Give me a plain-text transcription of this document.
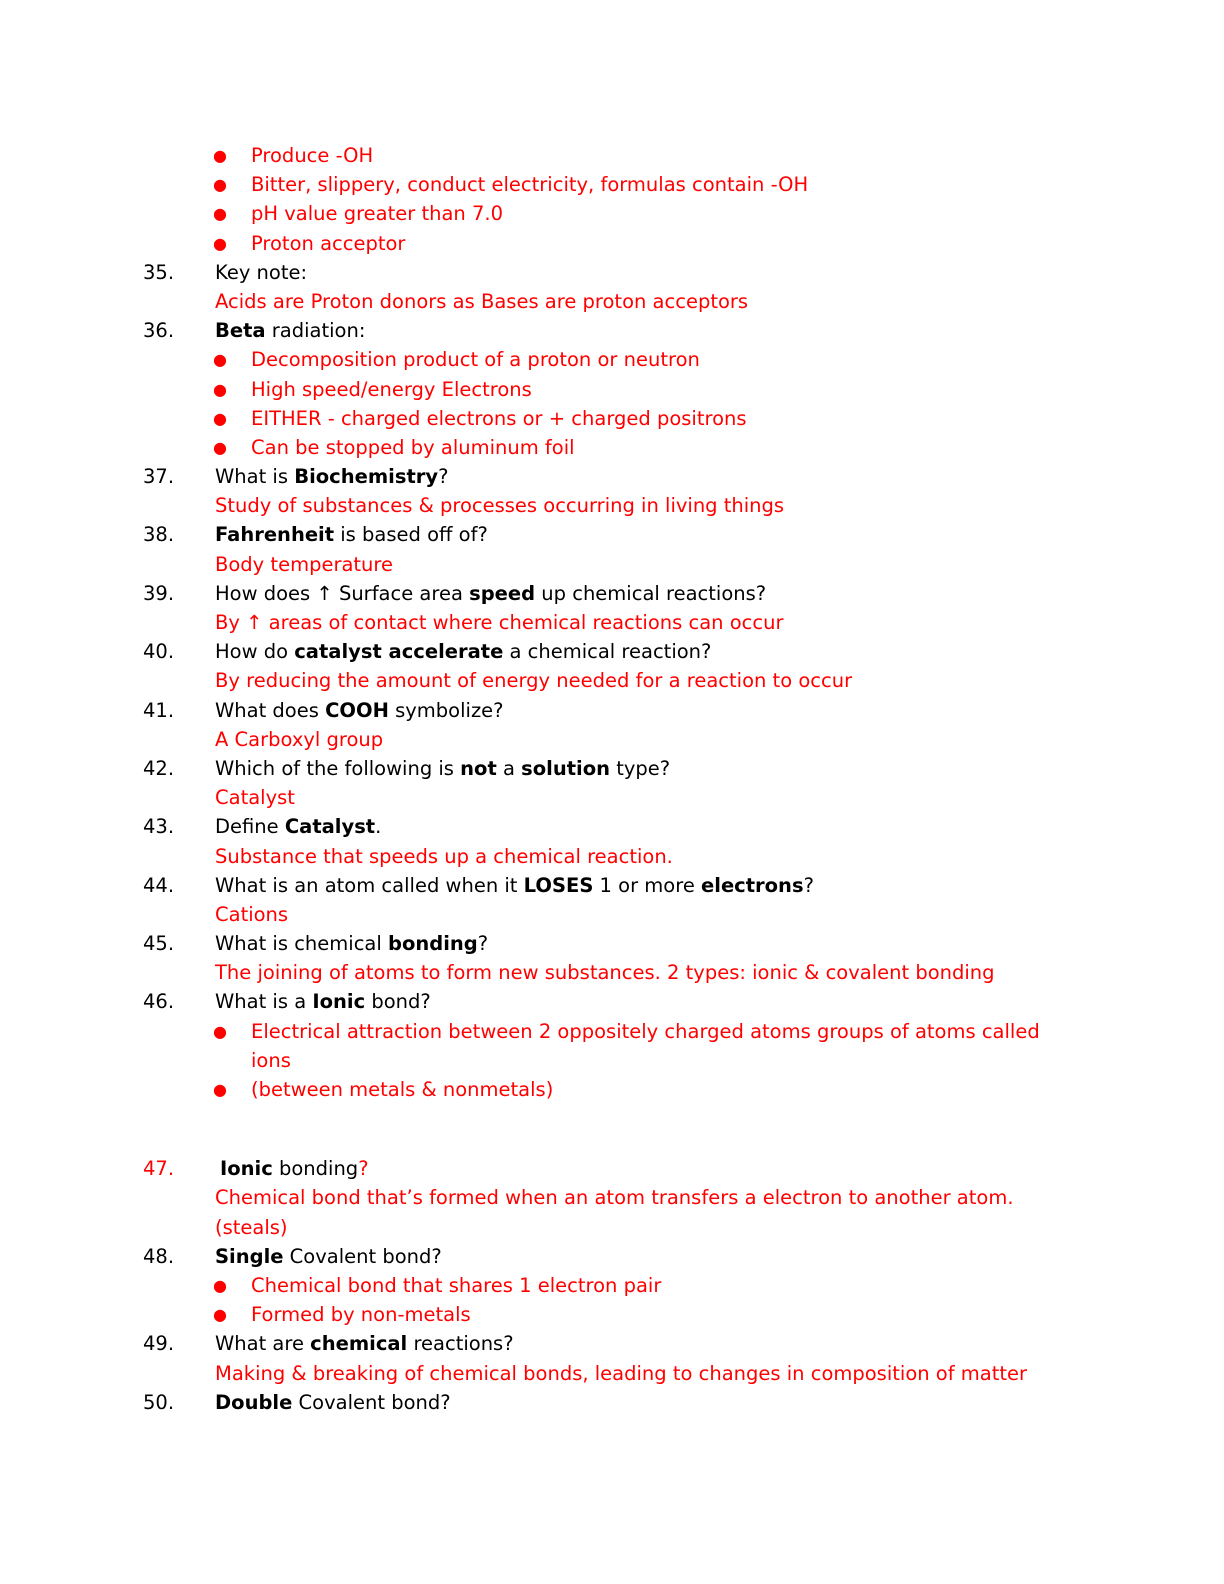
● Produce -OH
● Bitter, slippery, conduct electricity, formulas contain -OH
● pH value greater than 7.0
● Proton acceptor
35. Key note:
Acids are Proton donors as Bases are proton acceptors
36. Beta radiation:
● Decomposition product of a proton or neutron
● High speed/energy Electrons
● EITHER - charged electrons or + charged positrons
● Can be stopped by aluminum foil
37. What is Biochemistry?
Study of substances & processes occurring in living things
38. Fahrenheit is based off of?
Body temperature
39. How does ↑ Surface area speed up chemical reactions?
By ↑ areas of contact where chemical reactions can occur
40. How do catalyst accelerate a chemical reaction?
By reducing the amount of energy needed for a reaction to occur
41. What does COOH symbolize?
A Carboxyl group
42. Which of the following is not a solution type?
Catalyst
43. Define Catalyst.
Substance that speeds up a chemical reaction.
44. What is an atom called when it LOSES 1 or more electrons?
Cations
45. What is chemical bonding?
The joining of atoms to form new substances. 2 types: ionic & covalent bonding
46. What is a Ionic bond?
● Electrical attraction between 2 oppositely charged atoms groups of atoms called
ions
● (between metals & nonmetals)
47. Ionic bonding?
Chemical bond that’s formed when an atom transfers a electron to another atom.
(steals)
48. Single Covalent bond?
● Chemical bond that shares 1 electron pair
● Formed by non-metals
49. What are chemical reactions?
Making & breaking of chemical bonds, leading to changes in composition of matter
50. Double Covalent bond?
